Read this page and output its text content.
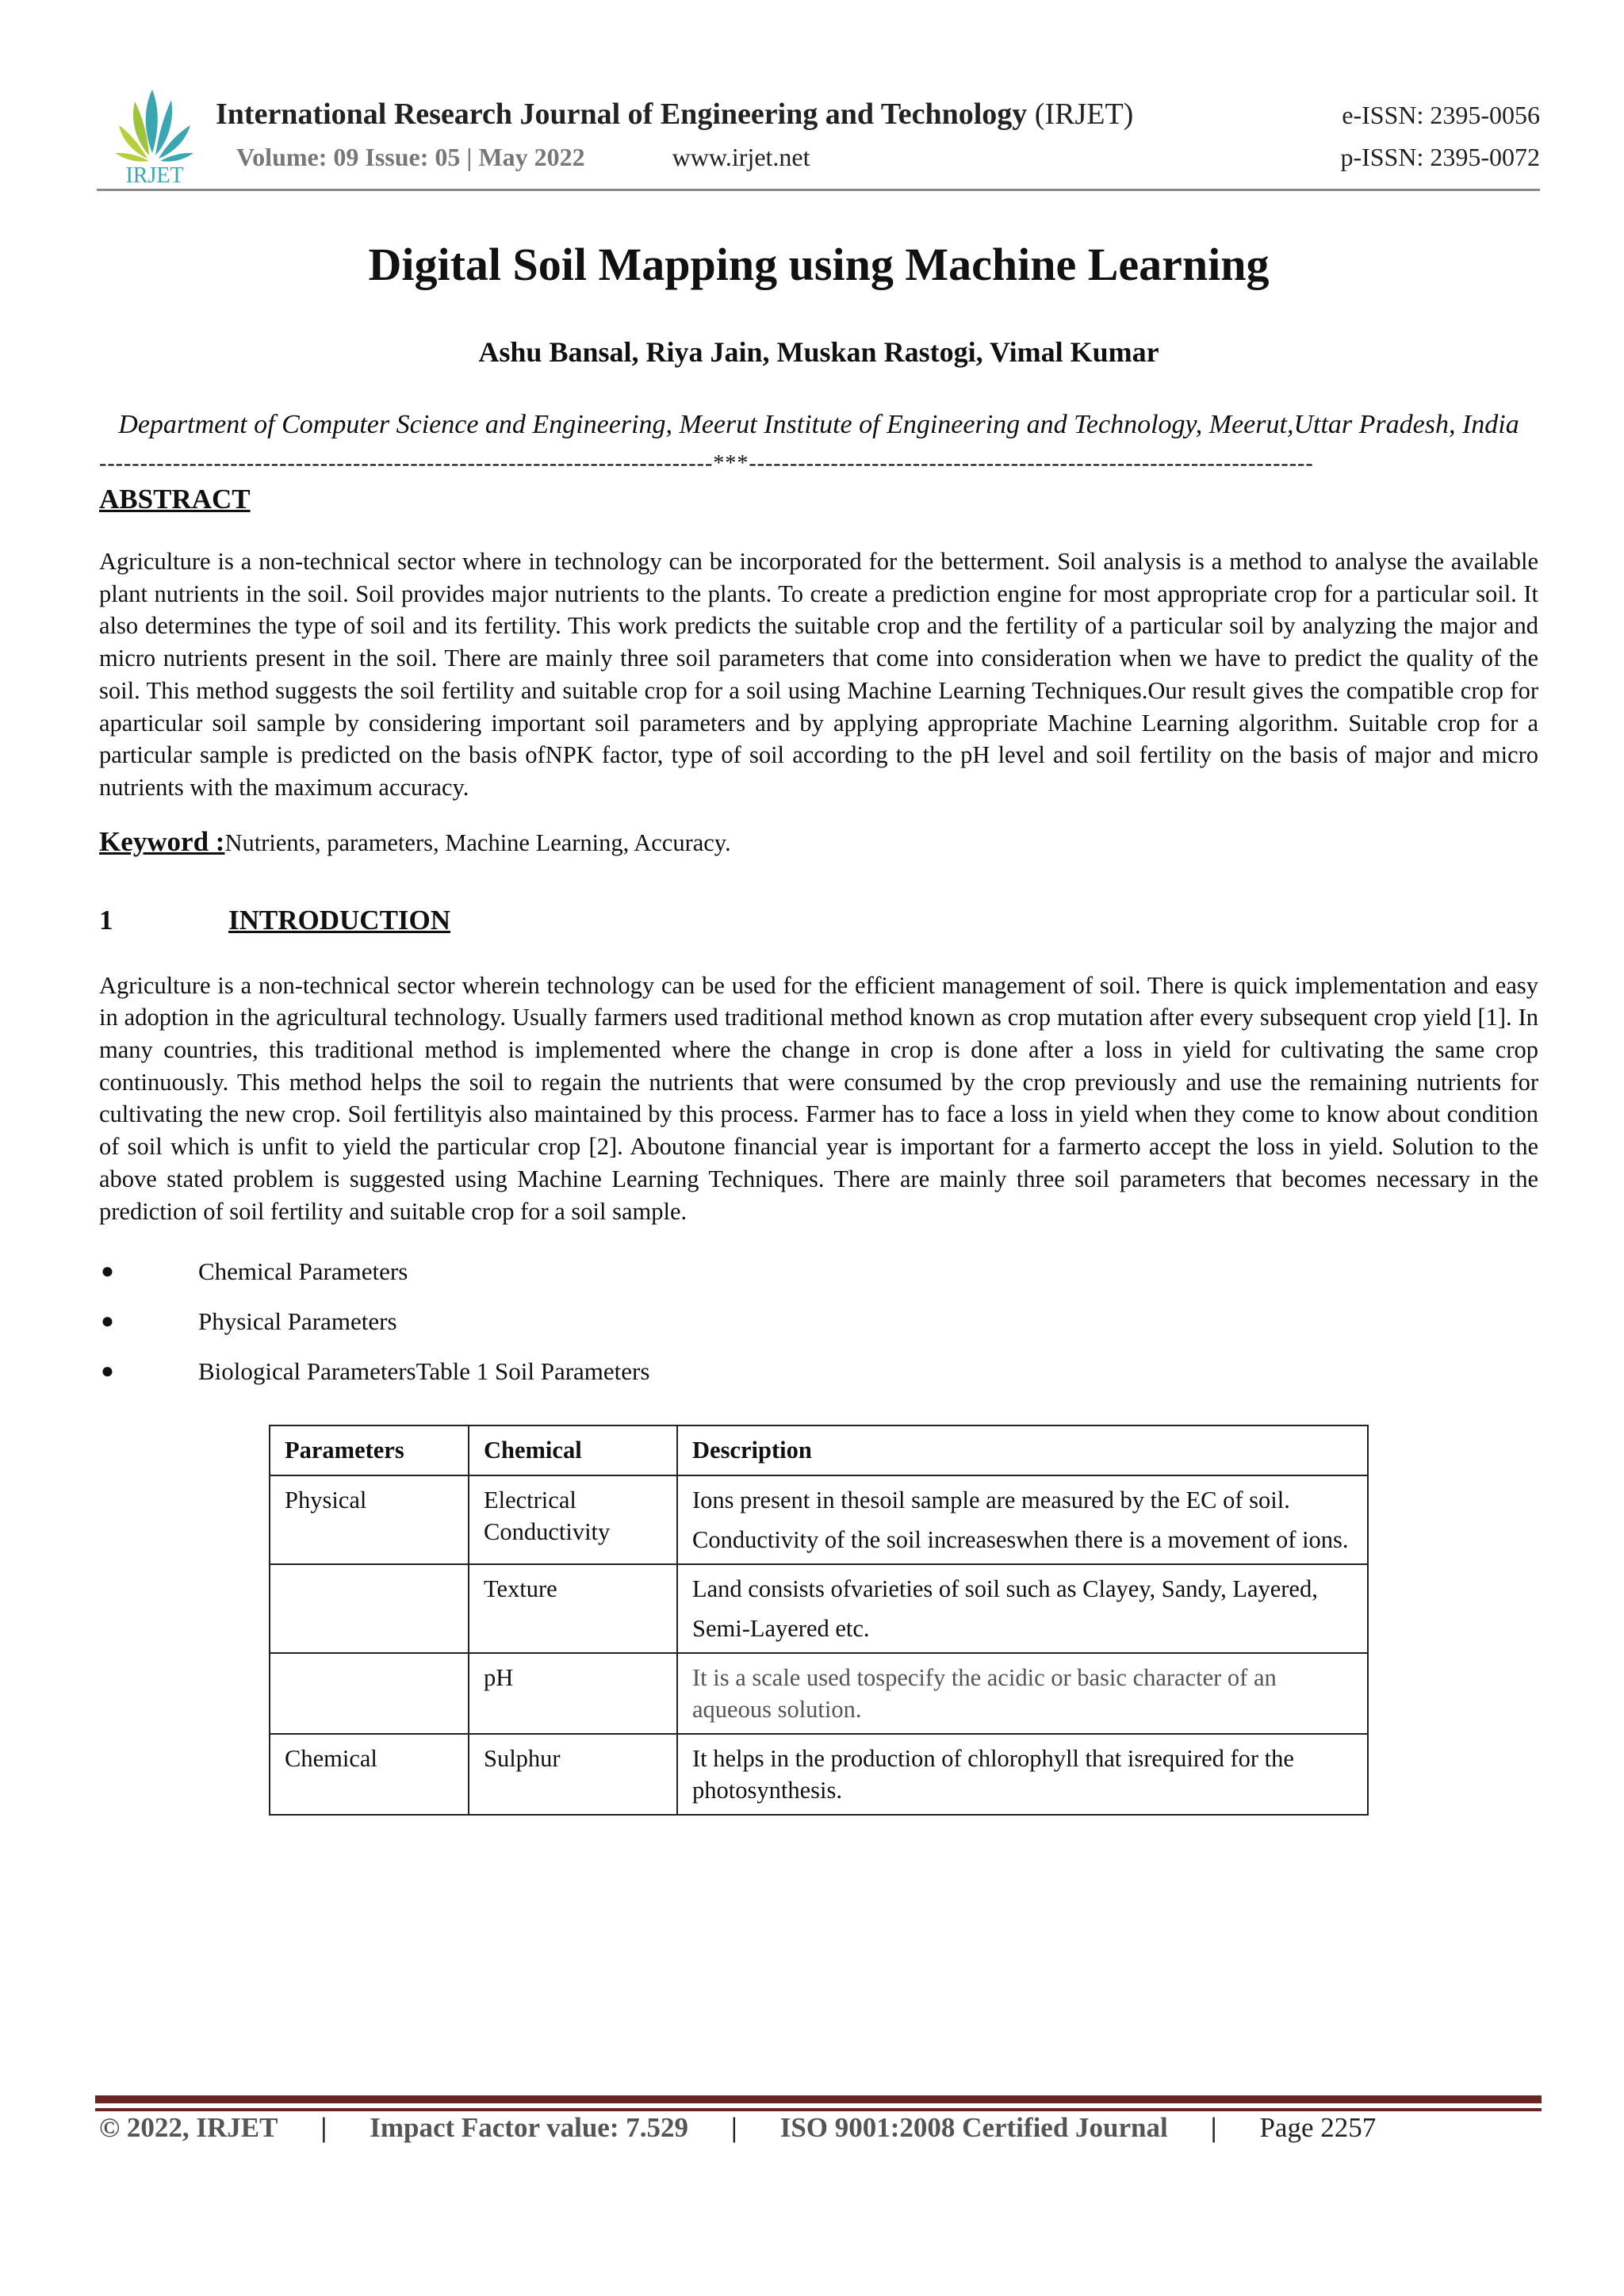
IRJET
International Research Journal of Engineering and Technology (IRJET)	e-ISSN: 2395-0056
Volume: 09 Issue: 05 | May 2022	www.irjet.net	p-ISSN: 2395-0072
Digital Soil Mapping using Machine Learning
Ashu Bansal, Riya Jain, Muskan Rastogi, Vimal Kumar
Department of Computer Science and Engineering, Meerut Institute of Engineering and Technology, Meerut,Uttar Pradesh, India
---------------------------------------------------------------------------***---------------------------------------------------------------------
ABSTRACT
Agriculture is a non-technical sector where in technology can be incorporated for the betterment. Soil analysis is a method to analyse the available plant nutrients in the soil. Soil provides major nutrients to the plants. To create a prediction engine for most appropriate crop for a particular soil. It also determines the type of soil and its fertility. This work predicts the suitable crop and the fertility of a particular soil by analyzing the major and micro nutrients present in the soil. There are mainly three soil parameters that come into consideration when we have to predict the quality of the soil. This method suggests the soil fertility and suitable crop for a soil using Machine Learning Techniques.Our result gives the compatible crop for aparticular soil sample by considering important soil parameters and by applying appropriate Machine Learning algorithm. Suitable crop for a particular sample is predicted on the basis ofNPK factor, type of soil according to the pH level and soil fertility on the basis of major and micro nutrients with the maximum accuracy.
Keyword :Nutrients, parameters, Machine Learning, Accuracy.
1	INTRODUCTION
Agriculture is a non-technical sector wherein technology can be used for the efficient management of soil. There is quick implementation and easy in adoption in the agricultural technology. Usually farmers used traditional method known as crop mutation after every subsequent crop yield [1]. In many countries, this traditional method is implemented where the change in crop is done after a loss in yield for cultivating the same crop continuously. This method helps the soil to regain the nutrients that were consumed by the crop previously and use the remaining nutrients for cultivating the new crop. Soil fertilityis also maintained by this process. Farmer has to face a loss in yield when they come to know about condition of soil which is unfit to yield the particular crop [2]. Aboutone financial year is important for a farmerto accept the loss in yield. Solution to the above stated problem is suggested using Machine Learning Techniques. There are mainly three soil parameters that becomes necessary in the prediction of soil fertility and suitable crop for a soil sample.
●	Chemical Parameters
●	Physical Parameters
●	Biological ParametersTable 1 Soil Parameters
Parameters	Chemical	Description
Physical	Electrical Conductivity	Ions present in thesoil sample are measured by the EC of soil.

Conductivity of the soil increaseswhen there is a movement of ions.

	Texture	Land consists ofvarieties of soil such as Clayey, Sandy, Layered,

Semi-Layered etc.

	pH	It is a scale used tospecify the acidic or basic character of an aqueous solution.

Chemical	Sulphur	It helps in the production of chlorophyll that isrequired for the photosynthesis.

© 2022, IRJET | Impact Factor value: 7.529 | ISO 9001:2008 Certified Journal | Page 2257
